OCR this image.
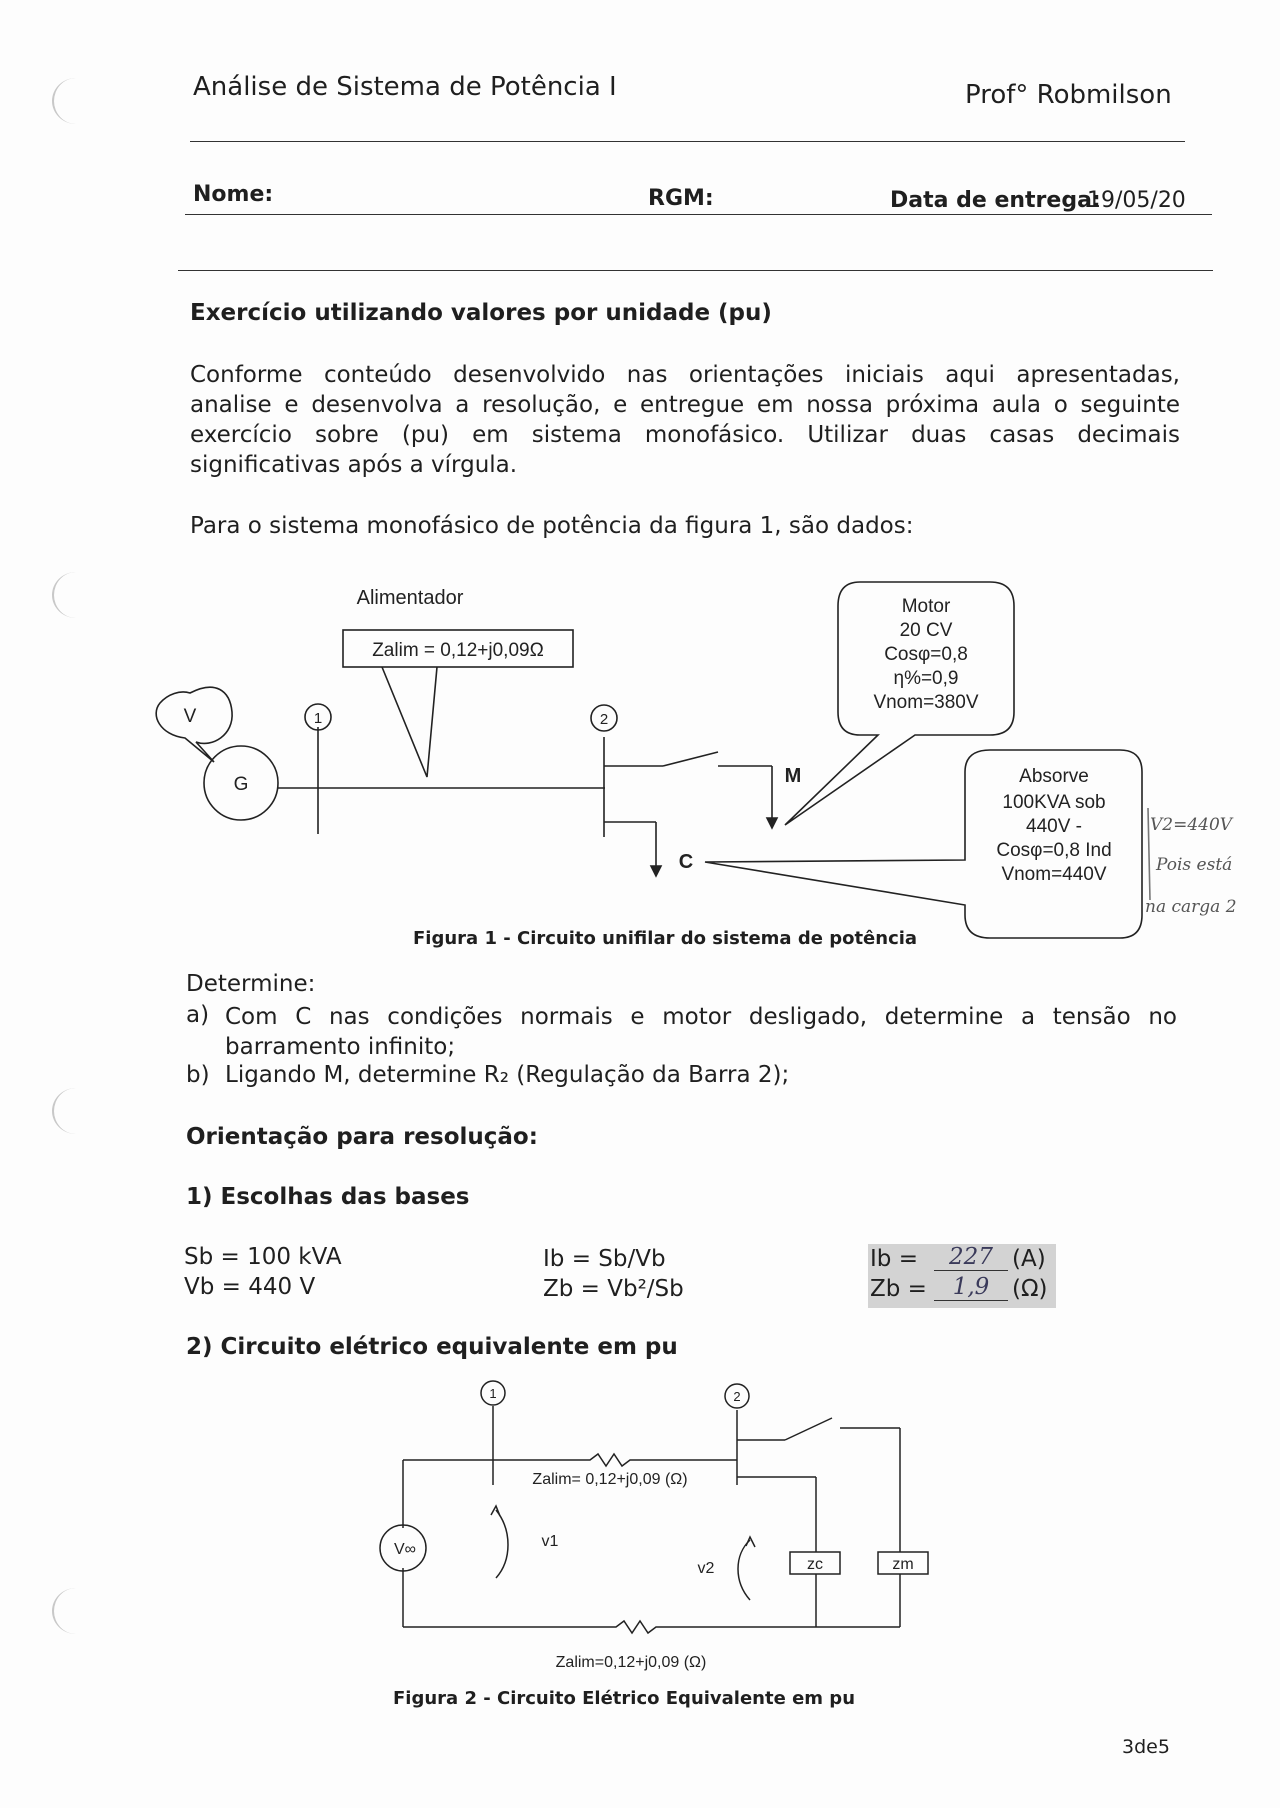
Análise de Sistema de Potência I	Prof° Robmilson
Nome:	RGM:	Data de entrega:
19/05/20
Exercício utilizando valores por unidade (pu)
Conforme conteúdo desenvolvido nas orientações iniciais aqui apresentadas,
analise e desenvolva a resolução, e entregue em nossa próxima aula o seguinte
exercício sobre (pu) em sistema monofásico. Utilizar duas casas decimais
significativas após a vírgula.
Para o sistema monofásico de potência da figura 1, são dados:
Alimentador
Zalim = 0,12+j0,09Ω
V
G
1	2
M
C
Motor
20 CV
Cosφ=0,8
η%=0,9
Vnom=380V
Absorve
100KVA sob
440V -
Cosφ=0,8 Ind
Vnom=440V
V2=440V
Pois está
na carga 2
Figura 1 - Circuito unifilar do sistema de potência
Determine:
a) Com C nas condições normais e motor desligado, determine a tensão no
barramento infinito;
b) Ligando M, determine R₂ (Regulação da Barra 2);
Orientação para resolução:
1) Escolhas das bases
Sb = 100 kVA
Vb = 440 V
Ib = Sb/Vb
Zb = Vb²/Sb
Ib =	227 (A)
Zb =	1,9 (Ω)
2) Circuito elétrico equivalente em pu
1	2
Zalim= 0,12+j0,09 (Ω)
Zalim=0,12+j0,09 (Ω)
V∞	v1
v2	zc	zm
Figura 2 - Circuito Elétrico Equivalente em pu
3de5
